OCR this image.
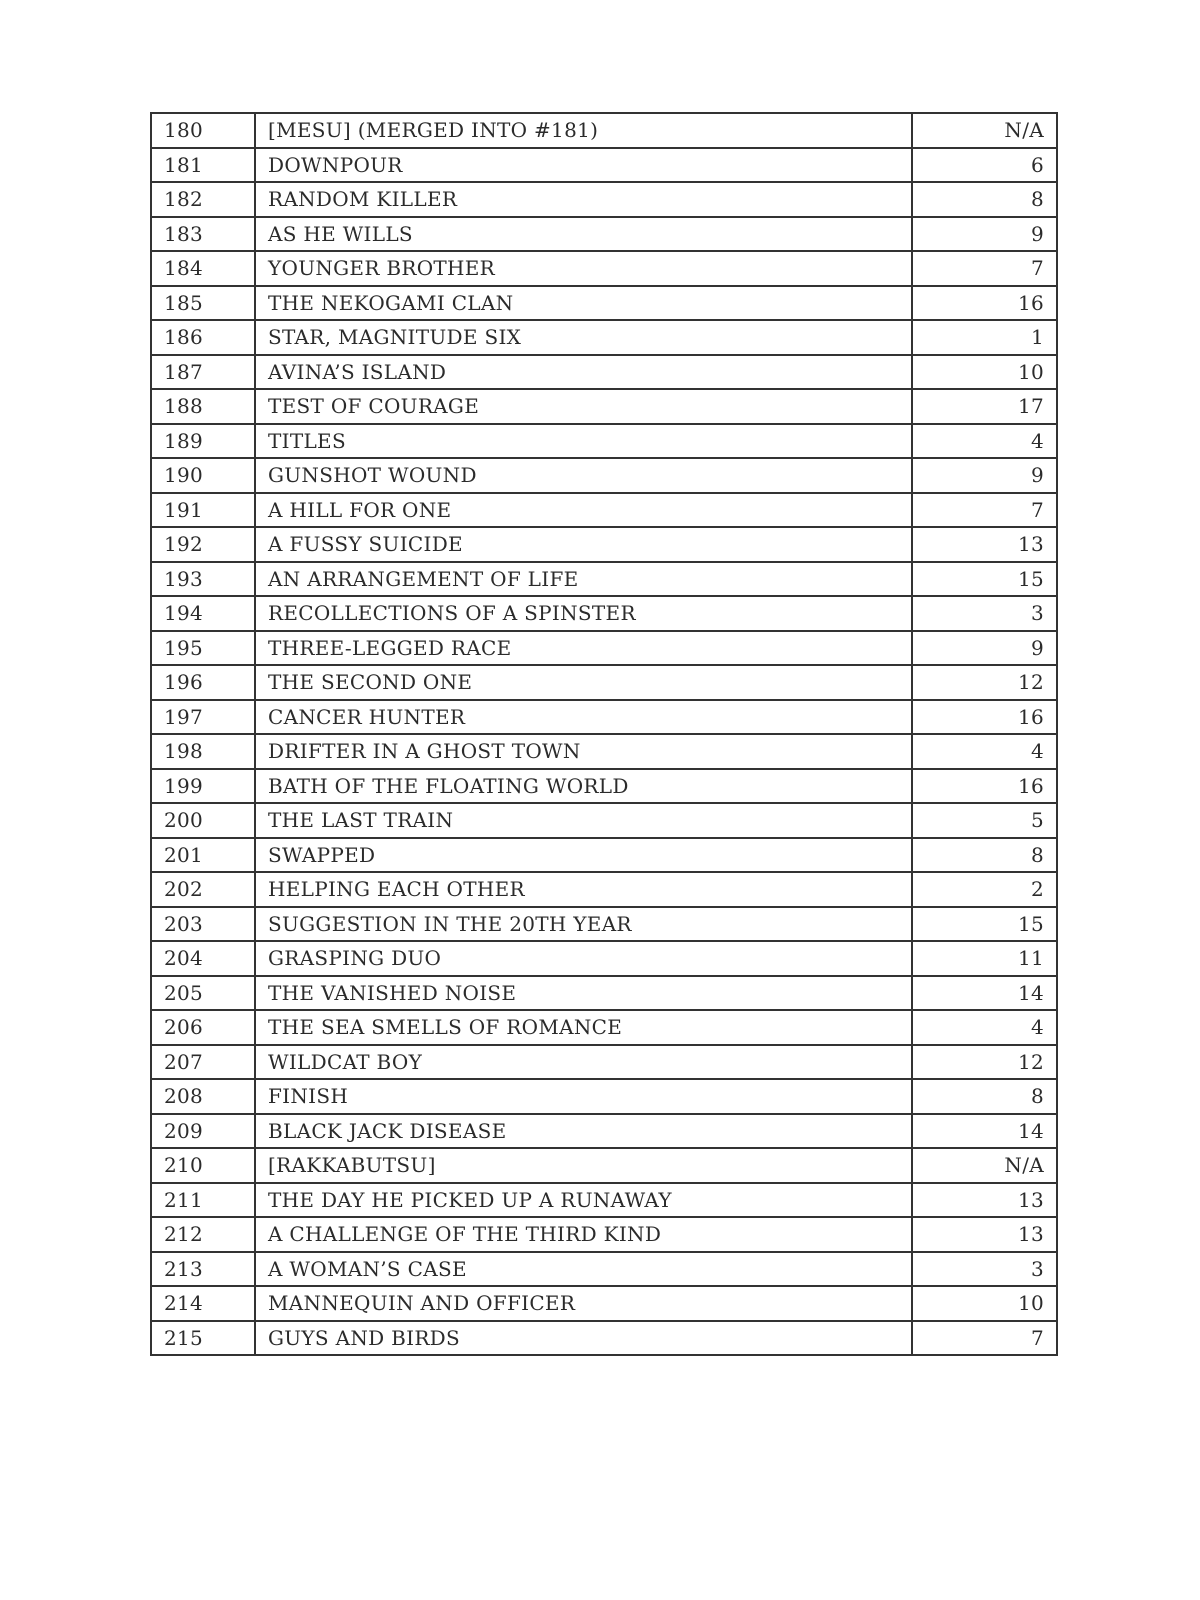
180	[MESU] (MERGED INTO #181)	N/A
181	DOWNPOUR	6
182	RANDOM KILLER	8
183	AS HE WILLS	9
184	YOUNGER BROTHER	7
185	THE NEKOGAMI CLAN	16
186	STAR, MAGNITUDE SIX	1
187	AVINA’S ISLAND	10
188	TEST OF COURAGE	17
189	TITLES	4
190	GUNSHOT WOUND	9
191	A HILL FOR ONE	7
192	A FUSSY SUICIDE	13
193	AN ARRANGEMENT OF LIFE	15
194	RECOLLECTIONS OF A SPINSTER	3
195	THREE-LEGGED RACE	9
196	THE SECOND ONE	12
197	CANCER HUNTER	16
198	DRIFTER IN A GHOST TOWN	4
199	BATH OF THE FLOATING WORLD	16
200	THE LAST TRAIN	5
201	SWAPPED	8
202	HELPING EACH OTHER	2
203	SUGGESTION IN THE 20TH YEAR	15
204	GRASPING DUO	11
205	THE VANISHED NOISE	14
206	THE SEA SMELLS OF ROMANCE	4
207	WILDCAT BOY	12
208	FINISH	8
209	BLACK JACK DISEASE	14
210	[RAKKABUTSU]	N/A
211	THE DAY HE PICKED UP A RUNAWAY	13
212	A CHALLENGE OF THE THIRD KIND	13
213	A WOMAN’S CASE	3
214	MANNEQUIN AND OFFICER	10
215	GUYS AND BIRDS	7
